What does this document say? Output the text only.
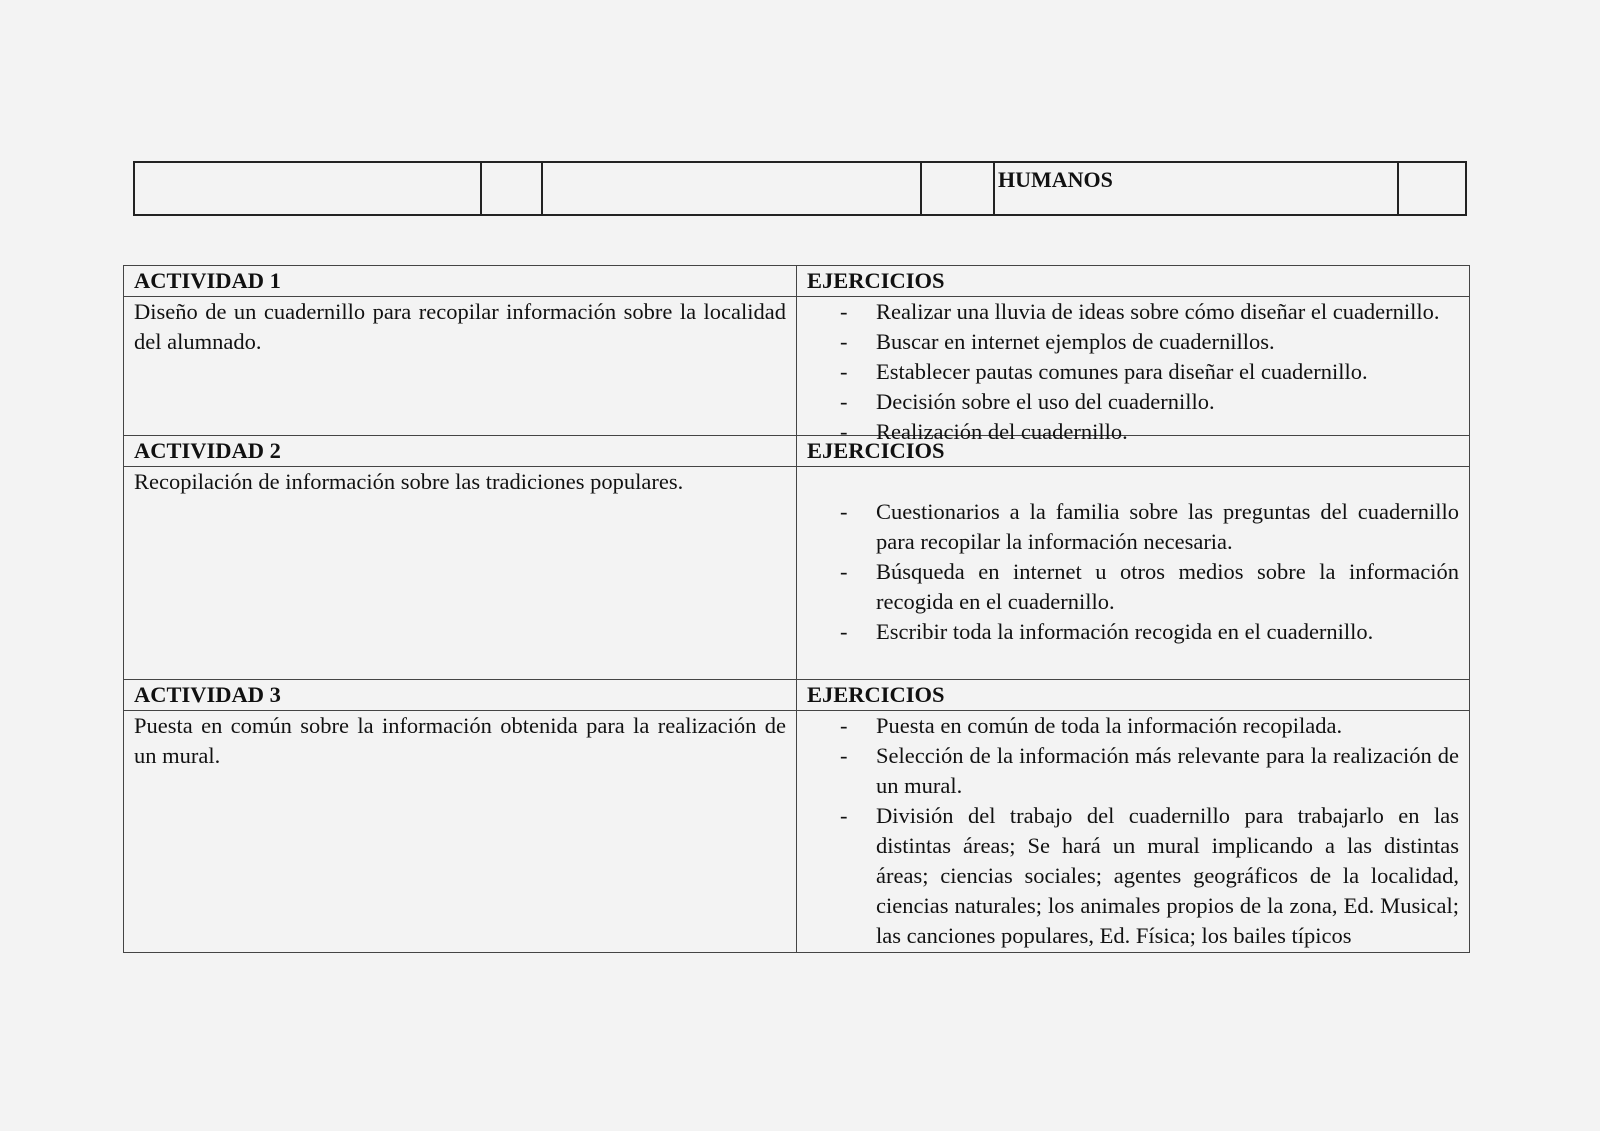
HUMANOS
ACTIVIDAD 1	EJERCICIOS
Diseño de un cuadernillo para recopilar información sobre la localidad del alumnado.
- Realizar una lluvia de ideas sobre cómo diseñar el cuadernillo.
- Buscar en internet ejemplos de cuadernillos.
- Establecer pautas comunes para diseñar el cuadernillo.
- Decisión sobre el uso del cuadernillo.
- Realización del cuadernillo.
ACTIVIDAD 2	EJERCICIOS
Recopilación de información sobre las tradiciones populares.
- Cuestionarios a la familia sobre las preguntas del cuadernillo para recopilar la información necesaria.
- Búsqueda en internet u otros medios sobre la información recogida en el cuadernillo.
- Escribir toda la información recogida en el cuadernillo.
ACTIVIDAD 3	EJERCICIOS
Puesta en común sobre la información obtenida para la realización de un mural.
- Puesta en común de toda la información recopilada.
- Selección de la información más relevante para la realización de un mural.
- División del trabajo del cuadernillo para trabajarlo en las distintas áreas; Se hará un mural implicando a las distintas áreas; ciencias sociales; agentes geográficos de la localidad, ciencias naturales; los animales propios de la zona, Ed. Musical; las canciones populares, Ed. Física; los bailes típicos
